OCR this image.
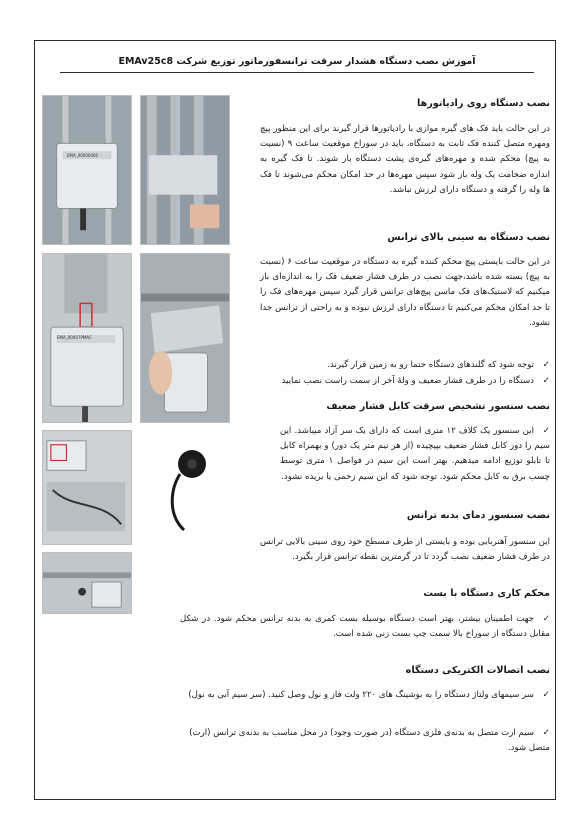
آموزش نصب دستگاه هشدار سرقت ترانسفورماتور توزیع شرکت EMAv25c8
EMA_00000000
EMA_00007PMAC
نصب دستگاه روی رادیاتورها
در این حالت باید فک های گیره موازی با رادیاتورها قرار گیرند برای این منظور پیچ ومهره متصل کننده فک ثابت به دستگاه، باید در سوراخ موقعیت ساعت ۹ (نسبت به پیچ) محکم شده و مهره‌های گیره‌ی پشت دستگاه باز شوند. تا فک گیره به اندازه ضخامت یک وله باز شود سپس مهره‌ها در حد امکان محکم می‌شوند تا فک ها وله را گرفته و دستگاه دارای لرزش نباشد.
نصب دستگاه به سینی بالای ترانس
در این حالت بایستی پیچ محکم کننده گیره به دستگاه در موقعیت ساعت ۶ (نسبت به پیچ) بسته شده باشد،جهت نصب در طرف فشار ضعیف فک را به اندازه‌ای باز میکنیم که لاستیک‌های فک ماسن پیچ‌های ترانس قرار گیرد سپس مهره‌های فک را تا حد امکان محکم می‌کنیم تا دستگاه دارای لرزش نبوده و به راحتی از ترانس جدا نشود.
✓توجه شود که گلندهای دستگاه حتما رو به زمین قرار گیرند.
✓دستگاه را در طرف فشار ضعیف و ولهٔ آخر از سمت راست نصب نمایید
نصب سنسور تشخیص سرقت کابل فشار ضعیف
✓این سنسور یک کلاف ۱۲ متری است که دارای یک سر آزاد میباشد. این سیم را دور کابل فشار ضعیف بپیچیده (از هر نیم متر یک دور) و بهمراه کابل تا تابلو توزیع ادامه میدهیم. بهتر است این سیم در فواصل ۱ متری توسط چسب برق به کابل محکم شود. توجه شود که این سیم زخمی یا بریده نشود.
نصب سنسور دمای بدنه ترانس
این سنسور آهنربایی بوده و بایستی از طرف مسطح خود روی سینی بالایی ترانس در طرف فشار ضعیف نصب گردد تا در گرمترین نقطه ترانس قرار بگیرد.
محکم کاری دستگاه با بست
✓جهت اطمینان بیشتر، بهتر است دستگاه بوسیله بست کمری به بدنه ترانس محکم شود. در شکل مقابل دستگاه از سوراخ بالا سمت چپ بست زنی شده است.
نصب اتصالات الکتریکی دستگاه
✓سر سیمهای ولتاژ دستگاه را به بوشینگ های ۲۲۰ ولت فاز و نول وصل کنید. (سر سیم آبی به نول)
✓سیم ارت متصل به بدنه‌ی فلزی دستگاه (در صورت وجود) در محل مناسب به بدنه‌ی ترانس (ارت) متصل شود.
